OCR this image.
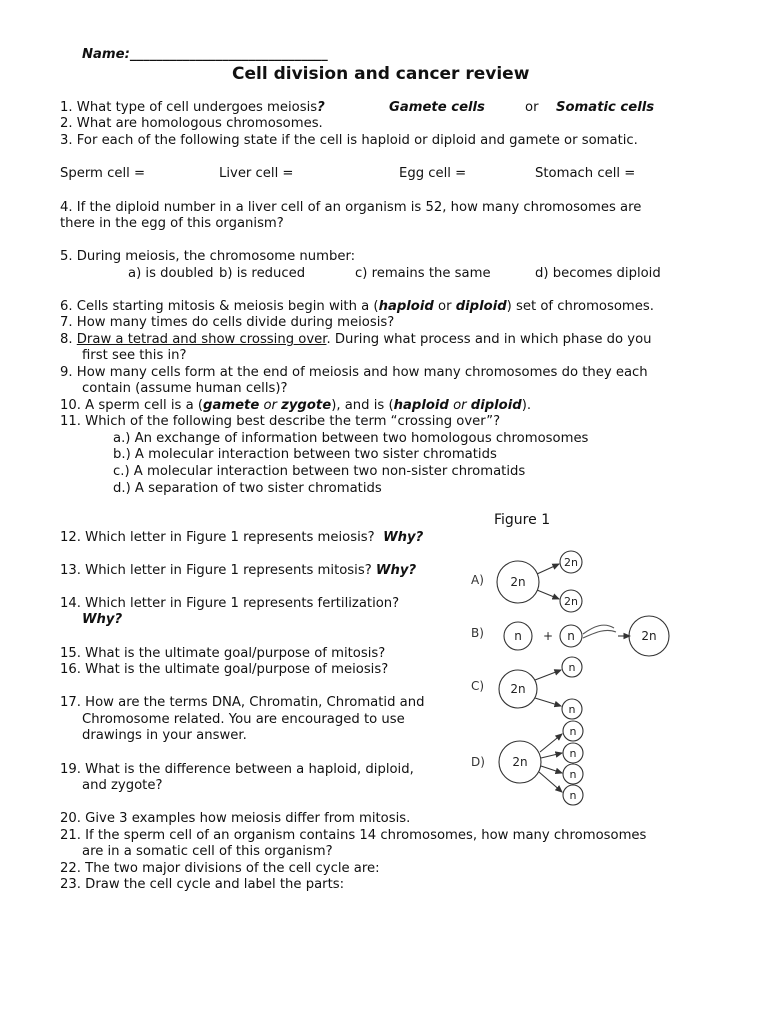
Name:______________________________
Cell division and cancer review
1. What type of cell undergoes meiosis?	Gamete cells	or Somatic cells
2. What are homologous chromosomes.
3. For each of the following state if the cell is haploid or diploid and gamete or somatic.
Sperm cell =	Liver cell =	Egg cell =	Stomach cell =
4. If the diploid number in a liver cell of an organism is 52, how many chromosomes are
there in the egg of this organism?
5. During meiosis, the chromosome number:
a) is doubled b) is reduced	c) remains the same	d) becomes diploid
6. Cells starting mitosis & meiosis begin with a (haploid or diploid) set of chromosomes.
7. How many times do cells divide during meiosis?
8. Draw a tetrad and show crossing over. During what process and in which phase do you
first see this in?
9. How many cells form at the end of meiosis and how many chromosomes do they each
contain (assume human cells)?
10. A sperm cell is a (gamete or zygote), and is (haploid or diploid).
11. Which of the following best describe the term “crossing over”?
a.) An exchange of information between two homologous chromosomes
b.) A molecular interaction between two sister chromatids
c.) A molecular interaction between two non-sister chromatids
d.) A separation of two sister chromatids
Figure 1
A)
B)
C)
D)
2n
2n
2n
n + n	2n
2n
n
n
2n
n
n
n
n
12. Which letter in Figure 1 represents meiosis? Why?
13. Which letter in Figure 1 represents mitosis? Why?
14. Which letter in Figure 1 represents fertilization?
Why?
15. What is the ultimate goal/purpose of mitosis?
16. What is the ultimate goal/purpose of meiosis?
17. How are the terms DNA, Chromatin, Chromatid and
Chromosome related. You are encouraged to use
drawings in your answer.
19. What is the difference between a haploid, diploid,
and zygote?
20. Give 3 examples how meiosis differ from mitosis.
21. If the sperm cell of an organism contains 14 chromosomes, how many chromosomes
are in a somatic cell of this organism?
22. The two major divisions of the cell cycle are:
23. Draw the cell cycle and label the parts:
